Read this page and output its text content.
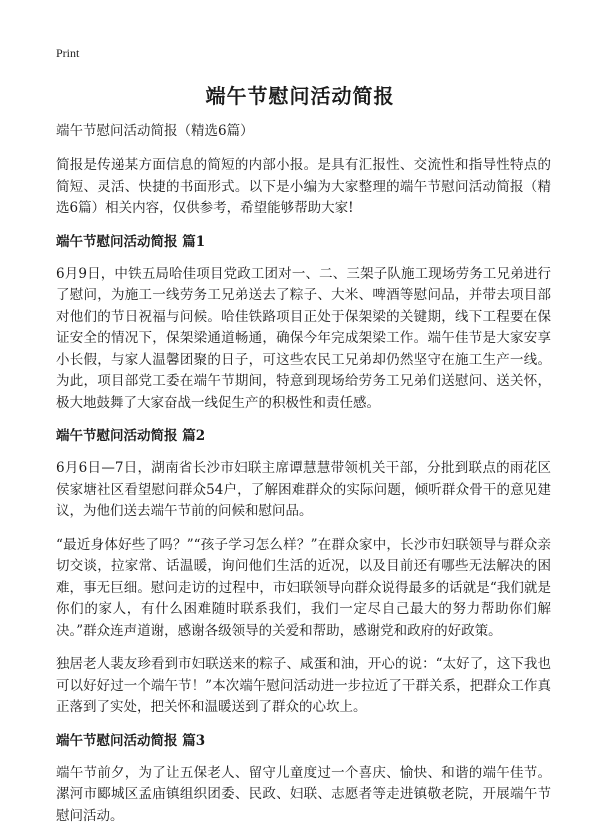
Print
端午节慰问活动简报

端午节慰问活动简报（精选6篇）

简报是传递某方面信息的简短的内部小报。是具有汇报性、交流性和指导性特点的简短、灵活、快捷的书面形式。以下是小编为大家整理的端午节慰问活动简报（精选6篇）相关内容，仅供参考，希望能够帮助大家!

端午节慰问活动简报 篇1

6月9日，中铁五局哈佳项目党政工团对一、二、三架子队施工现场劳务工兄弟进行了慰问，为施工一线劳务工兄弟送去了粽子、大米、啤酒等慰问品，并带去项目部对他们的节日祝福与问候。哈佳铁路项目正处于保架梁的关键期，线下工程要在保证安全的情况下，保架梁通道畅通，确保今年完成架梁工作。端午佳节是大家安享小长假，与家人温馨团聚的日子，可这些农民工兄弟却仍然坚守在施工生产一线。为此，项目部党工委在端午节期间，特意到现场给劳务工兄弟们送慰问、送关怀，极大地鼓舞了大家奋战一线促生产的积极性和责任感。

端午节慰问活动简报 篇2

6月6日—7日，湖南省长沙市妇联主席谭慧慧带领机关干部，分批到联点的雨花区侯家塘社区看望慰问群众54户，了解困难群众的实际问题，倾听群众骨干的意见建议，为他们送去端午节前的问候和慰问品。

“最近身体好些了吗？”“孩子学习怎么样？”在群众家中，长沙市妇联领导与群众亲切交谈，拉家常、话温暖，询问他们生活的近况，以及目前还有哪些无法解决的困难，事无巨细。慰问走访的过程中，市妇联领导向群众说得最多的话就是“我们就是你们的家人，有什么困难随时联系我们，我们一定尽自己最大的努力帮助你们解决。”群众连声道谢，感谢各级领导的关爱和帮助，感谢党和政府的好政策。

独居老人裴友珍看到市妇联送来的粽子、咸蛋和油，开心的说：“太好了，这下我也可以好好过一个端午节！”本次端午慰问活动进一步拉近了干群关系，把群众工作真正落到了实处，把关怀和温暖送到了群众的心坎上。

端午节慰问活动简报 篇3

端午节前夕，为了让五保老人、留守儿童度过一个喜庆、愉快、和谐的端午佳节。漯河市郾城区孟庙镇组织团委、民政、妇联、志愿者等走进镇敬老院，开展端午节慰问活动。
